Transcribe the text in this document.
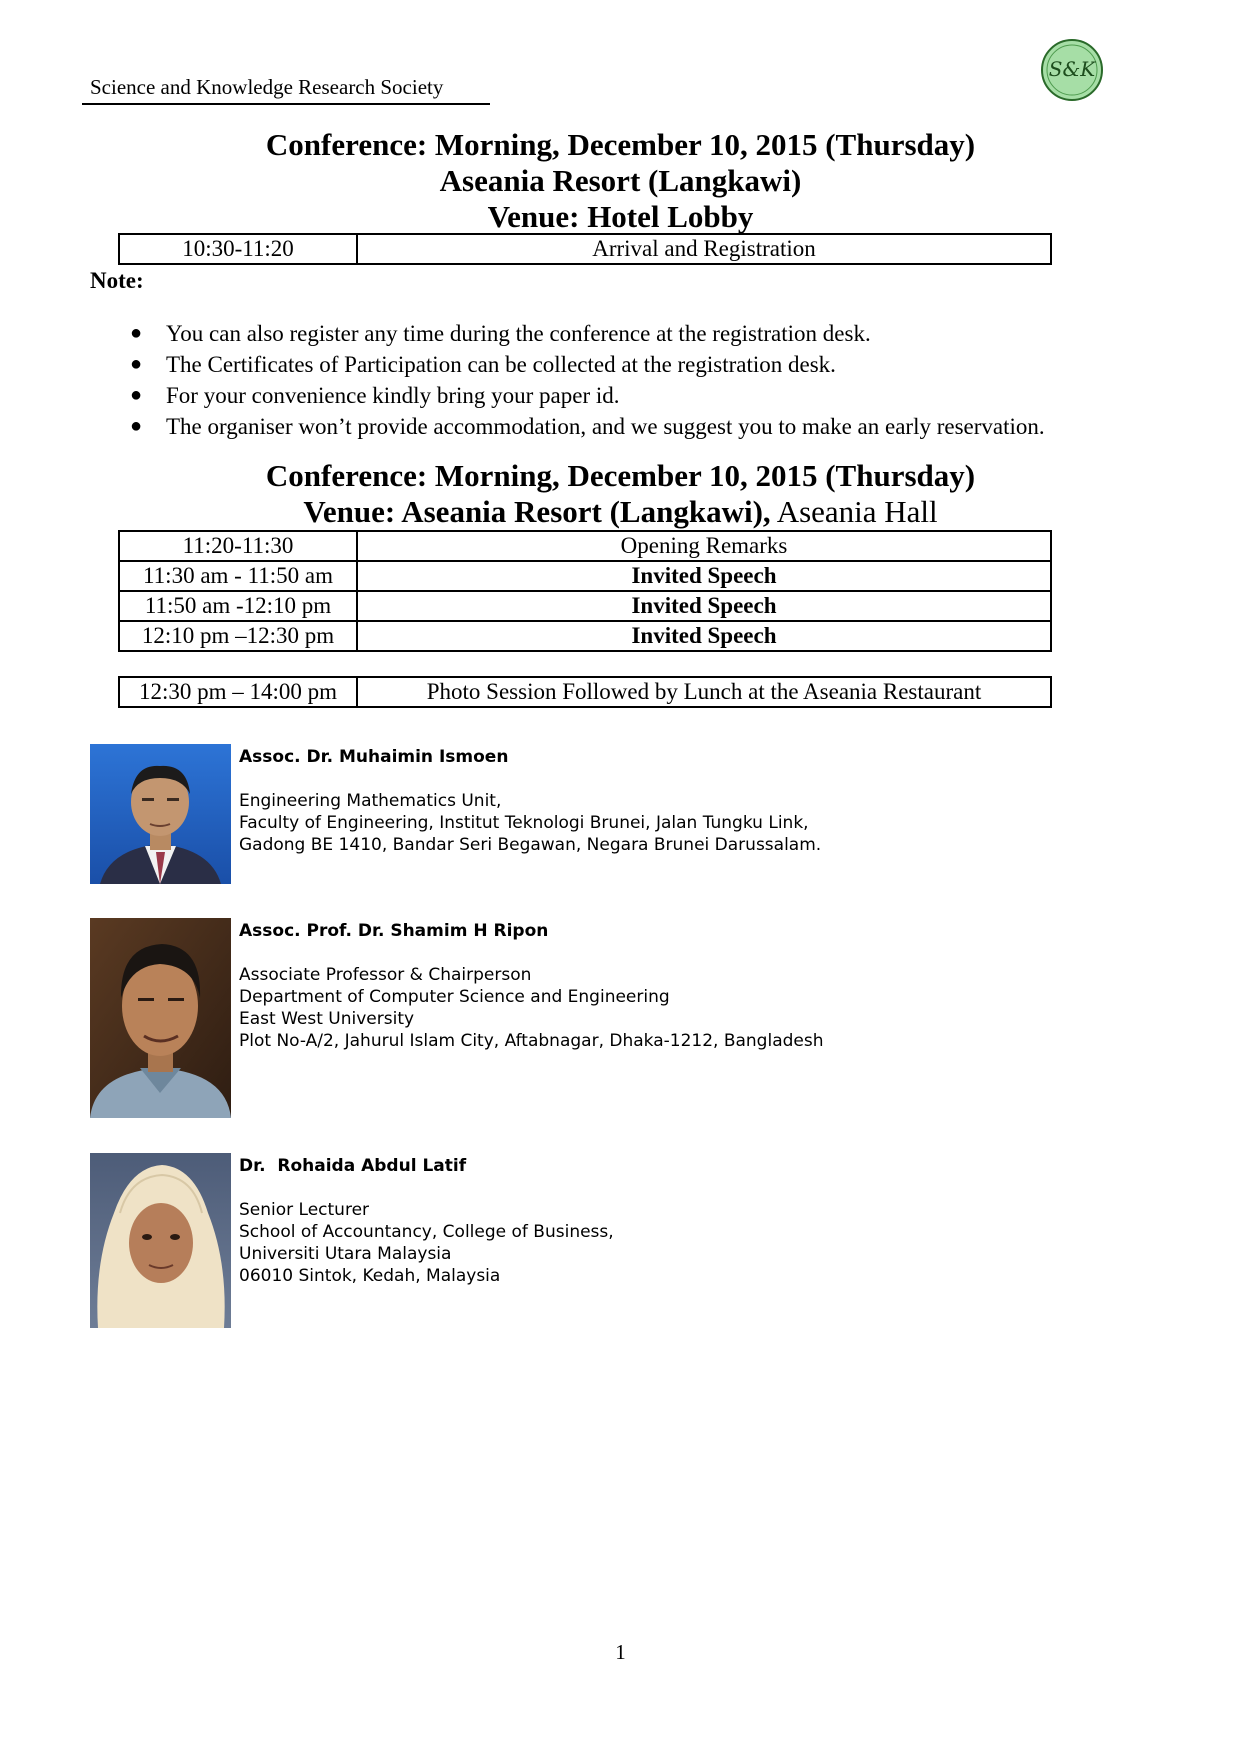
Science and Knowledge Research Society
S&K
Conference: Morning, December 10, 2015 (Thursday)
Aseania Resort (Langkawi)
Venue: Hotel Lobby
10:30-11:20	Arrival and Registration
Note:
● You can also register any time during the conference at the registration desk.
● The Certificates of Participation can be collected at the registration desk.
● For your convenience kindly bring your paper id.
● The organiser won’t provide accommodation, and we suggest you to make an early reservation.
Conference: Morning, December 10, 2015 (Thursday)
Venue: Aseania Resort (Langkawi), Aseania Hall
11:20-11:30	Opening Remarks
11:30 am - 11:50 am	Invited Speech
11:50 am -12:10 pm	Invited Speech
12:10 pm –12:30 pm	Invited Speech
12:30 pm – 14:00 pm	Photo Session Followed by Lunch at the Aseania Restaurant
Assoc. Dr. Muhaimin Ismoen
Engineering Mathematics Unit,
Faculty of Engineering, Institut Teknologi Brunei, Jalan Tungku Link,
Gadong BE 1410, Bandar Seri Begawan, Negara Brunei Darussalam.
Assoc. Prof. Dr. Shamim H Ripon
Associate Professor & Chairperson
Department of Computer Science and Engineering
East West University
Plot No-A/2, Jahurul Islam City, Aftabnagar, Dhaka-1212, Bangladesh
Dr.  Rohaida Abdul Latif
Senior Lecturer
School of Accountancy, College of Business,
Universiti Utara Malaysia
06010 Sintok, Kedah, Malaysia
1
